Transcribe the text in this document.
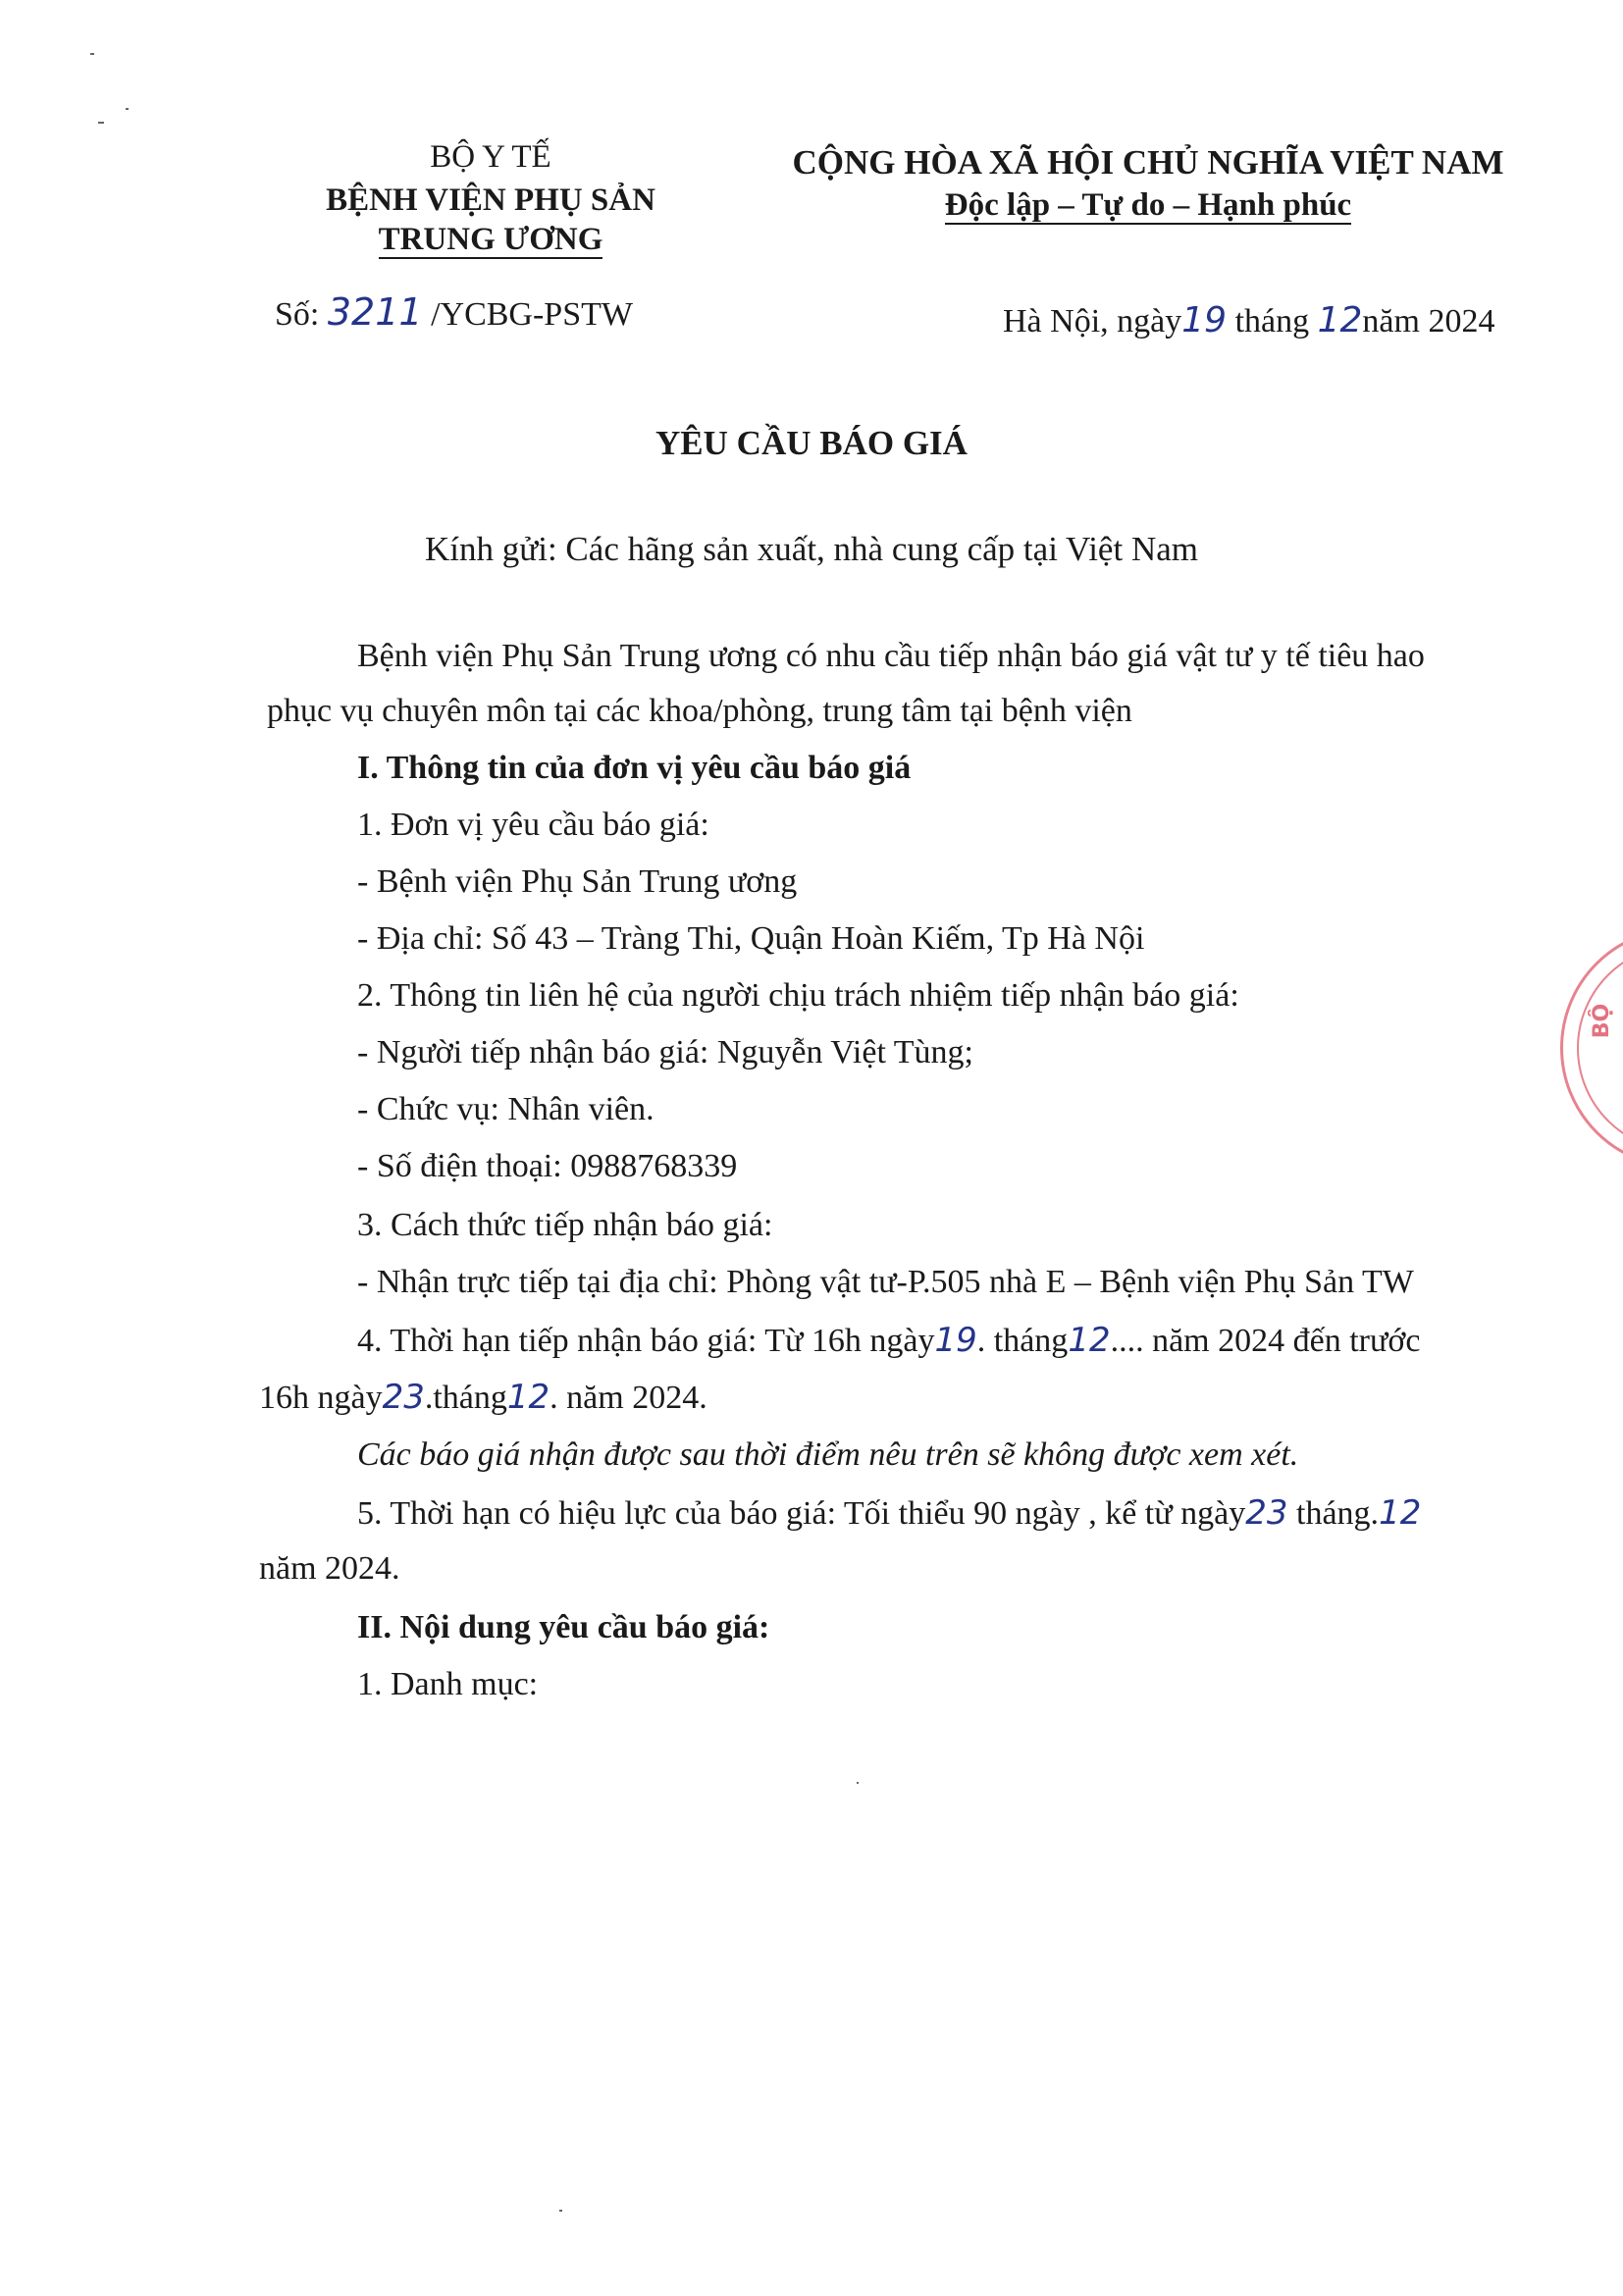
BỘ Y TẾ
BỆNH VIỆN PHỤ SẢN
TRUNG ƯƠNG
Số: 3211 /YCBG-PSTW
CỘNG HÒA XÃ HỘI CHỦ NGHĨA VIỆT NAM
Độc lập – Tự do – Hạnh phúc
Hà Nội, ngày19 tháng 12năm 2024
YÊU CẦU BÁO GIÁ
Kính gửi: Các hãng sản xuất, nhà cung cấp tại Việt Nam
Bệnh viện Phụ Sản Trung ương có nhu cầu tiếp nhận báo giá vật tư y tế tiêu hao
phục vụ chuyên môn tại các khoa/phòng, trung tâm tại bệnh viện
I. Thông tin của đơn vị yêu cầu báo giá
1. Đơn vị yêu cầu báo giá:
- Bệnh viện Phụ Sản Trung ương
- Địa chỉ: Số 43 – Tràng Thi, Quận Hoàn Kiếm, Tp Hà Nội
2. Thông tin liên hệ của người chịu trách nhiệm tiếp nhận báo giá:
- Người tiếp nhận báo giá: Nguyễn Việt Tùng;
- Chức vụ: Nhân viên.
- Số điện thoại: 0988768339
3. Cách thức tiếp nhận báo giá:
- Nhận trực tiếp tại địa chỉ: Phòng vật tư-P.505 nhà E – Bệnh viện Phụ Sản TW
4. Thời hạn tiếp nhận báo giá: Từ 16h ngày19. tháng12.... năm 2024 đến trước
16h ngày23.tháng12. năm 2024.
Các báo giá nhận được sau thời điểm nêu trên sẽ không được xem xét.
5. Thời hạn có hiệu lực của báo giá: Tối thiểu 90 ngày , kể từ ngày23 tháng.12
năm 2024.
II. Nội dung yêu cầu báo giá:
1. Danh mục:
BỘ
